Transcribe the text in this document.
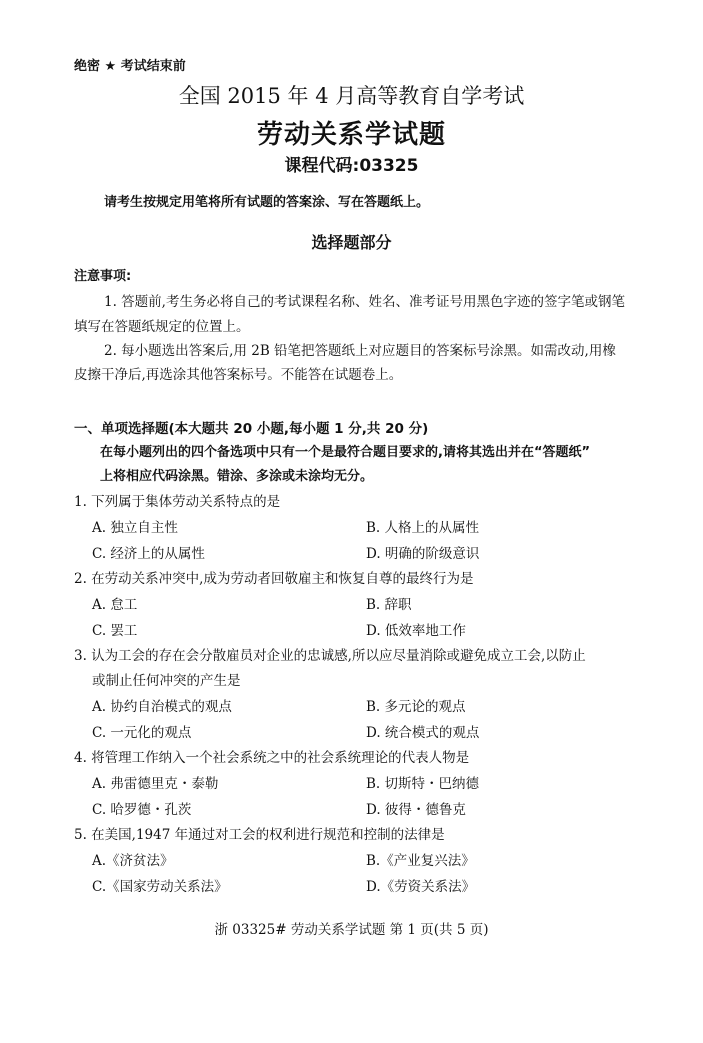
绝密 ★ 考试结束前
全国 2015 年 4 月高等教育自学考试
劳动关系学试题
课程代码:03325
请考生按规定用笔将所有试题的答案涂、写在答题纸上。
选择题部分
注意事项:
1. 答题前,考生务必将自己的考试课程名称、姓名、准考证号用黑色字迹的签字笔或钢笔
填写在答题纸规定的位置上。
2. 每小题选出答案后,用 2B 铅笔把答题纸上对应题目的答案标号涂黑。如需改动,用橡
皮擦干净后,再选涂其他答案标号。不能答在试题卷上。
一、单项选择题(本大题共 20 小题,每小题 1 分,共 20 分)
在每小题列出的四个备选项中只有一个是最符合题目要求的,请将其选出并在“答题纸”
上将相应代码涂黑。错涂、多涂或未涂均无分。
1. 下列属于集体劳动关系特点的是
A. 独立自主性	B. 人格上的从属性
C. 经济上的从属性	D. 明确的阶级意识
2. 在劳动关系冲突中,成为劳动者回敬雇主和恢复自尊的最终行为是
A. 怠工	B. 辞职
C. 罢工	D. 低效率地工作
3. 认为工会的存在会分散雇员对企业的忠诚感,所以应尽量消除或避免成立工会,以防止
或制止任何冲突的产生是
A. 协约自治模式的观点	B. 多元论的观点
C. 一元化的观点	D. 统合模式的观点
4. 将管理工作纳入一个社会系统之中的社会系统理论的代表人物是
A. 弗雷德里克・泰勒	B. 切斯特・巴纳德
C. 哈罗德・孔茨	D. 彼得・德鲁克
5. 在美国,1947 年通过对工会的权利进行规范和控制的法律是
A.《济贫法》	B.《产业复兴法》
C.《国家劳动关系法》	D.《劳资关系法》
浙 03325# 劳动关系学试题 第 1 页(共 5 页)
